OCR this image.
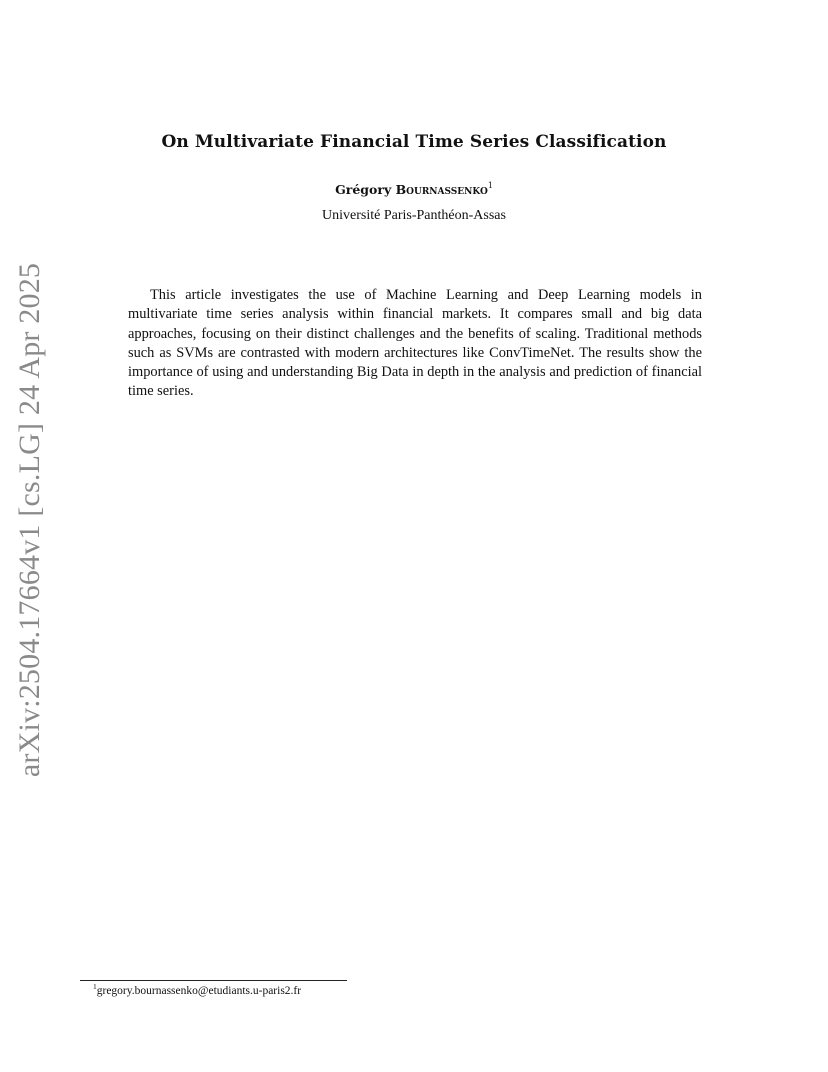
arXiv:2504.17664v1 [cs.LG] 24 Apr 2025
On Multivariate Financial Time Series Classification
Grégory Bournassenko$^1$
Université Paris-Panthéon-Assas

This article investigates the use of Machine Learning and Deep Learning models in multivariate time series analysis within financial markets. It compares small and big data approaches, focusing on their distinct challenges and the benefits of scaling. Traditional methods such as SVMs are contrasted with modern architectures like ConvTimeNet. The results show the importance of using and understanding Big Data in depth in the analysis and prediction of financial time series.

$^1$gregory.bournassenko@etudiants.u-paris2.fr
